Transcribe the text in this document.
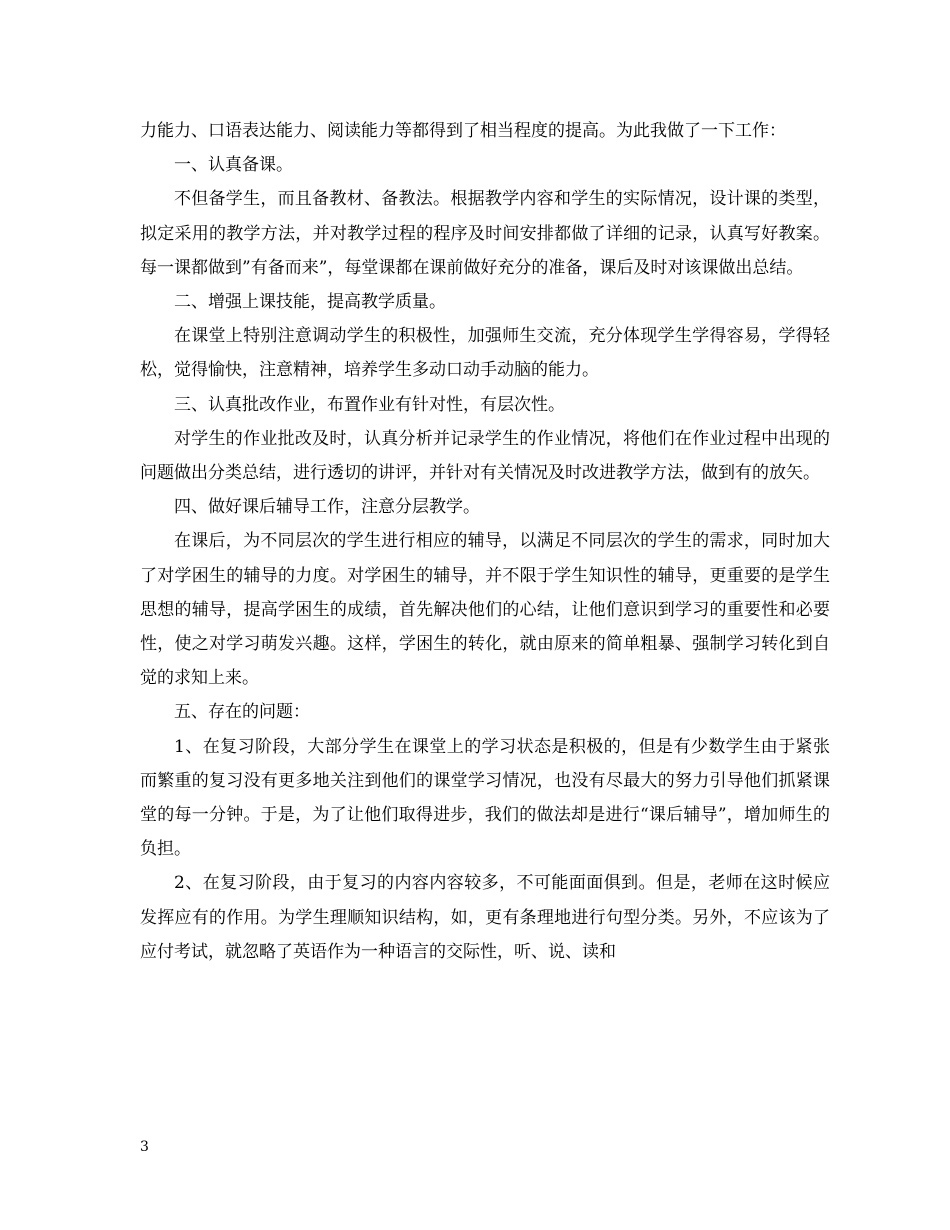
力能力、口语表达能力、阅读能力等都得到了相当程度的提高。为此我做了一下工作：

一、认真备课。

不但备学生，而且备教材、备教法。根据教学内容和学生的实际情况，设计课的类型，拟定采用的教学方法，并对教学过程的程序及时间安排都做了详细的记录，认真写好教案。每一课都做到”有备而来”，每堂课都在课前做好充分的准备，课后及时对该课做出总结。

二、增强上课技能，提高教学质量。

在课堂上特别注意调动学生的积极性，加强师生交流，充分体现学生学得容易，学得轻松，觉得愉快，注意精神，培养学生多动口动手动脑的能力。

三、认真批改作业，布置作业有针对性，有层次性。

对学生的作业批改及时，认真分析并记录学生的作业情况，将他们在作业过程中出现的问题做出分类总结，进行透切的讲评，并针对有关情况及时改进教学方法，做到有的放矢。

四、做好课后辅导工作，注意分层教学。

在课后，为不同层次的学生进行相应的辅导，以满足不同层次的学生的需求，同时加大了对学困生的辅导的力度。对学困生的辅导，并不限于学生知识性的辅导，更重要的是学生思想的辅导，提高学困生的成绩，首先解决他们的心结，让他们意识到学习的重要性和必要性，使之对学习萌发兴趣。这样，学困生的转化，就由原来的简单粗暴、强制学习转化到自觉的求知上来。

五、存在的问题：

1、在复习阶段，大部分学生在课堂上的学习状态是积极的，但是有少数学生由于紧张而繁重的复习没有更多地关注到他们的课堂学习情况，也没有尽最大的努力引导他们抓紧课堂的每一分钟。于是，为了让他们取得进步，我们的做法却是进行“课后辅导”，增加师生的负担。

2、在复习阶段，由于复习的内容内容较多，不可能面面俱到。但是，老师在这时候应发挥应有的作用。为学生理顺知识结构，如，更有条理地进行句型分类。另外，不应该为了应付考试，就忽略了英语作为一种语言的交际性，听、说、读和

3
